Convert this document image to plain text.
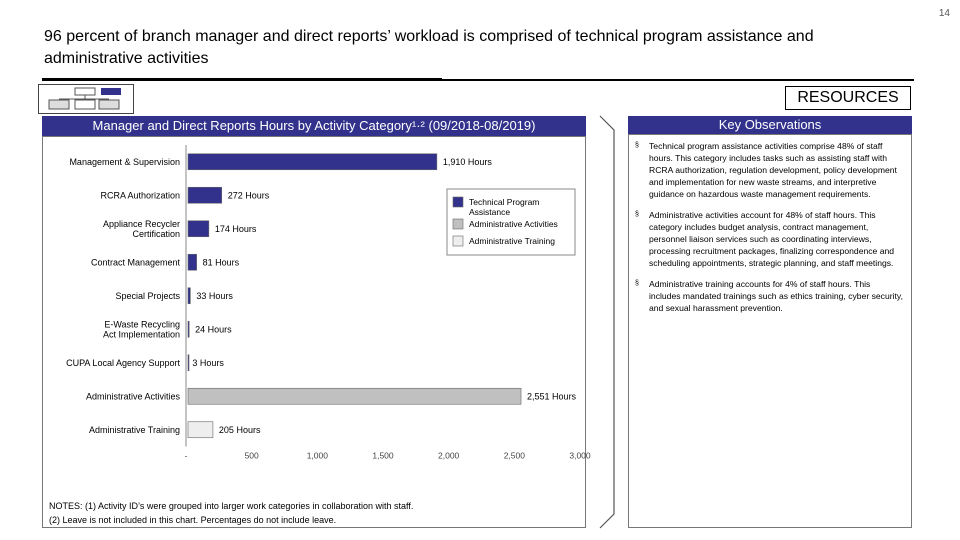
14
96 percent of branch manager and direct reports’ workload is comprised of technical program assistance and administrative activities
RESOURCES
Manager and Direct Reports Hours by Activity Category¹·² (09/2018-08/2019)
Management & Supervision	1,910 Hours
RCRA Authorization	272 Hours
Appliance Recycler Certification	174 Hours
Contract Management	81 Hours
Special Projects 33 Hours
E-Waste Recycling Act Implementation 24 Hours
CUPA Local Agency Support 3 Hours
Administrative Activities	2,551 Hours
Administrative Training	205 Hours
-	500	1,000	1,500	2,000	2,500	3,000
Technical Program Assistance
Administrative Activities
Administrative Training
NOTES: (1) Activity ID’s were grouped into larger work categories in collaboration with staff.
(2) Leave is not included in this chart. Percentages do not include leave.
Key Observations
§ Technical program assistance activities comprise 48% of staff hours. This category includes tasks such as assisting staff with RCRA authorization, regulation development, policy development and implementation for new waste streams, and interpretive guidance on hazardous waste management requirements.
§ Administrative activities account for 48% of staff hours. This category includes budget analysis, contract management, personnel liaison services such as coordinating interviews, processing recruitment packages, finalizing correspondence and scheduling appointments, strategic planning, and staff meetings.
§ Administrative training accounts for 4% of staff hours. This includes mandated trainings such as ethics training, cyber security, and sexual harassment prevention.
